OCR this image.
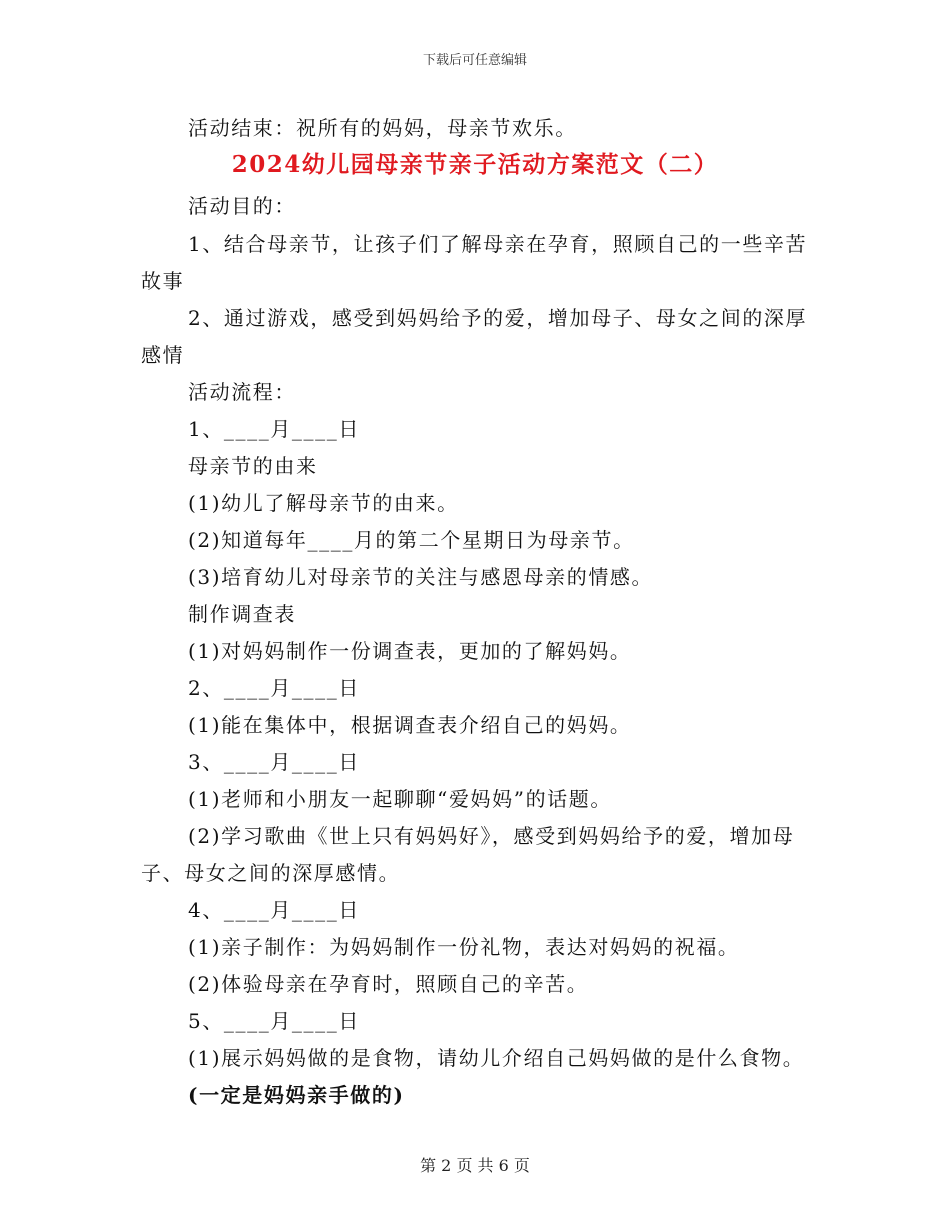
下载后可任意编辑
活动结束：祝所有的妈妈，母亲节欢乐。
2024幼儿园母亲节亲子活动方案范文（二）
活动目的：
1、结合母亲节，让孩子们了解母亲在孕育，照顾自己的一些辛苦
故事
2、通过游戏，感受到妈妈给予的爱，增加母子、母女之间的深厚
感情
活动流程：
1、____月____日
母亲节的由来
(1)幼儿了解母亲节的由来。
(2)知道每年____月的第二个星期日为母亲节。
(3)培育幼儿对母亲节的关注与感恩母亲的情感。
制作调查表
(1)对妈妈制作一份调查表，更加的了解妈妈。
2、____月____日
(1)能在集体中，根据调查表介绍自己的妈妈。
3、____月____日
(1)老师和小朋友一起聊聊“爱妈妈”的话题。
(2)学习歌曲《世上只有妈妈好》，感受到妈妈给予的爱，增加母
子、母女之间的深厚感情。
4、____月____日
(1)亲子制作：为妈妈制作一份礼物，表达对妈妈的祝福。
(2)体验母亲在孕育时，照顾自己的辛苦。
5、____月____日
(1)展示妈妈做的是食物，请幼儿介绍自己妈妈做的是什么食物。
(一定是妈妈亲手做的)
第 2 页 共 6 页
